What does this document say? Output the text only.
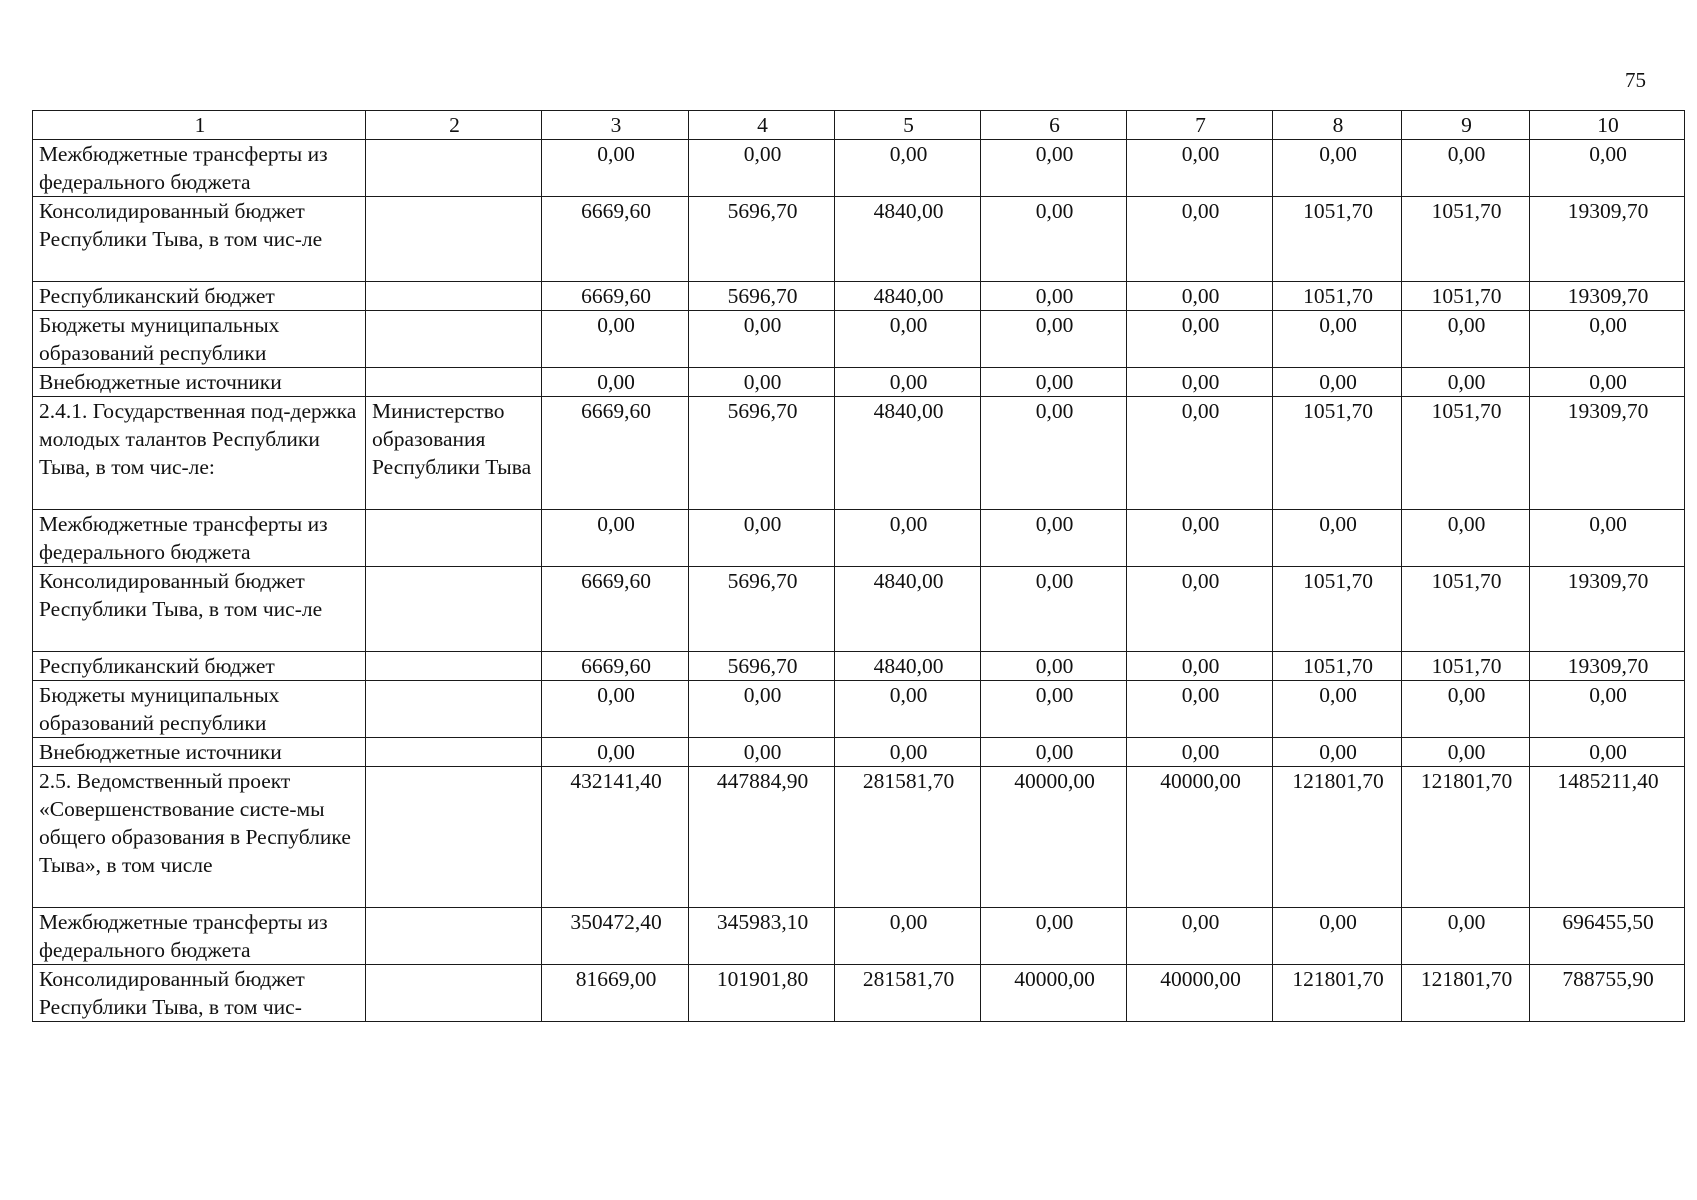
75
1	2	3	4	5	6	7	8	9	10
Межбюджетные трансферты из федерального бюджета		0,00	0,00	0,00	0,00	0,00	0,00	0,00	0,00
Консолидированный бюджет Республики Тыва, в том чис-ле		6669,60	5696,70	4840,00	0,00	0,00	1051,70	1051,70	19309,70
Республиканский бюджет		6669,60	5696,70	4840,00	0,00	0,00	1051,70	1051,70	19309,70
Бюджеты муниципальных образований республики		0,00	0,00	0,00	0,00	0,00	0,00	0,00	0,00
Внебюджетные источники		0,00	0,00	0,00	0,00	0,00	0,00	0,00	0,00
2.4.1. Государственная под-держка молодых талантов Республики Тыва, в том чис-ле:	Министерство образования Республики Тыва	6669,60	5696,70	4840,00	0,00	0,00	1051,70	1051,70	19309,70
Межбюджетные трансферты из федерального бюджета		0,00	0,00	0,00	0,00	0,00	0,00	0,00	0,00
Консолидированный бюджет Республики Тыва, в том чис-ле		6669,60	5696,70	4840,00	0,00	0,00	1051,70	1051,70	19309,70
Республиканский бюджет		6669,60	5696,70	4840,00	0,00	0,00	1051,70	1051,70	19309,70
Бюджеты муниципальных образований республики		0,00	0,00	0,00	0,00	0,00	0,00	0,00	0,00
Внебюджетные источники		0,00	0,00	0,00	0,00	0,00	0,00	0,00	0,00
2.5. Ведомственный проект «Совершенствование систе-мы общего образования в Республике Тыва», в том числе		432141,40	447884,90	281581,70	40000,00	40000,00	121801,70	121801,70	1485211,40
Межбюджетные трансферты из федерального бюджета		350472,40	345983,10	0,00	0,00	0,00	0,00	0,00	696455,50
Консолидированный бюджет Республики Тыва, в том чис-		81669,00	101901,80	281581,70	40000,00	40000,00	121801,70	121801,70	788755,90
